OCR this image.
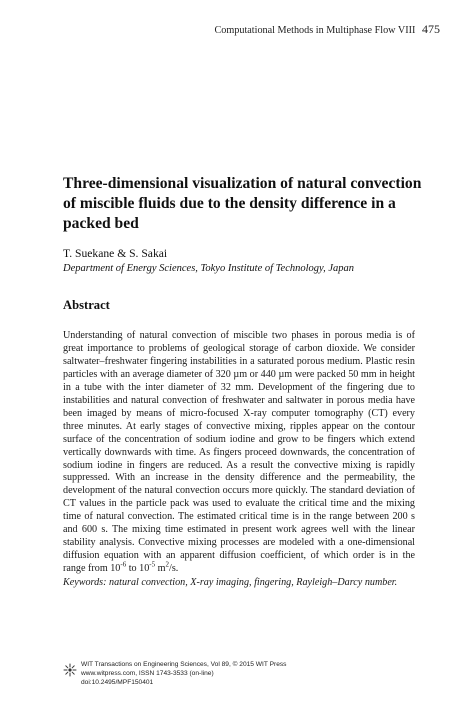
Computational Methods in Multiphase Flow VIII 475
Three-dimensional visualization of natural convection of miscible fluids due to the density difference in a packed bed
T. Suekane & S. Sakai
Department of Energy Sciences, Tokyo Institute of Technology, Japan
Abstract

Understanding of natural convection of miscible two phases in porous media is of great importance to problems of geological storage of carbon dioxide. We consider saltwater–freshwater fingering instabilities in a saturated porous medium. Plastic resin particles with an average diameter of 320 µm or 440 µm were packed 50 mm in height in a tube with the inter diameter of 32 mm. Development of the fingering due to instabilities and natural convection of freshwater and saltwater in porous media have been imaged by means of micro-focused X-ray computer tomography (CT) every three minutes. At early stages of convective mixing, ripples appear on the contour surface of the concentration of sodium iodine and grow to be fingers which extend vertically downwards with time. As fingers proceed downwards, the concentration of sodium iodine in fingers are reduced. As a result the convective mixing is rapidly suppressed. With an increase in the density difference and the permeability, the development of the natural convection occurs more quickly. The standard deviation of CT values in the particle pack was used to evaluate the critical time and the mixing time of natural convection. The estimated critical time is in the range between 200 s and 600 s. The mixing time estimated in present work agrees well with the linear stability analysis. Convective mixing processes are modeled with a one-dimensional diffusion equation with an apparent diffusion coefficient, of which order is in the range from $10^{-6}$ to $10^{-5}$ $m^2/s$.

Keywords: natural convection, X-ray imaging, fingering, Rayleigh–Darcy number.

WIT Transactions on Engineering Sciences, Vol 89, © 2015 WIT Press
www.witpress.com, ISSN 1743-3533 (on-line)
doi:10.2495/MPF150401
